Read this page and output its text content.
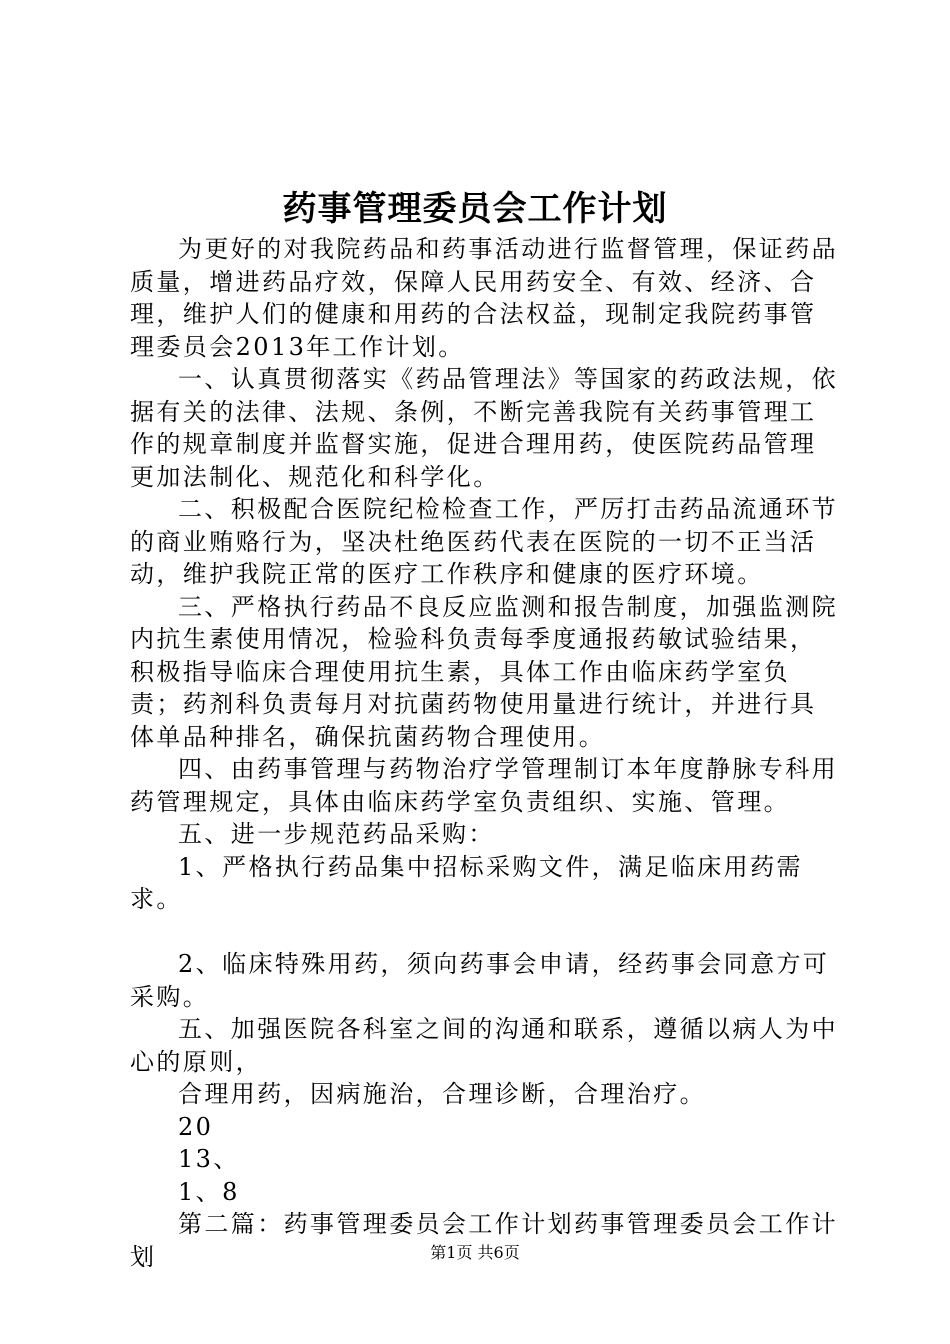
药事管理委员会工作计划

为更好的对我院药品和药事活动进行监督管理，保证药品质量，增进药品疗效，保障人民用药安全、有效、经济、合理，维护人们的健康和用药的合法权益，现制定我院药事管理委员会2013年工作计划。

一、认真贯彻落实《药品管理法》等国家的药政法规，依据有关的法律、法规、条例，不断完善我院有关药事管理工作的规章制度并监督实施，促进合理用药，使医院药品管理更加法制化、规范化和科学化。

二、积极配合医院纪检检查工作，严厉打击药品流通环节的商业贿赂行为，坚决杜绝医药代表在医院的一切不正当活动，维护我院正常的医疗工作秩序和健康的医疗环境。

三、严格执行药品不良反应监测和报告制度，加强监测院内抗生素使用情况，检验科负责每季度通报药敏试验结果，积极指导临床合理使用抗生素，具体工作由临床药学室负责；药剂科负责每月对抗菌药物使用量进行统计，并进行具体单品种排名，确保抗菌药物合理使用。

四、由药事管理与药物治疗学管理制订本年度静脉专科用药管理规定，具体由临床药学室负责组织、实施、管理。

五、进一步规范药品采购：

1、严格执行药品集中招标采购文件，满足临床用药需求。

2、临床特殊用药，须向药事会申请，经药事会同意方可采购。

五、加强医院各科室之间的沟通和联系，遵循以病人为中心的原则，

合理用药，因病施治，合理诊断，合理治疗。

20

13、

1、8

第二篇：药事管理委员会工作计划药事管理委员会工作计划	第1页 共6页
